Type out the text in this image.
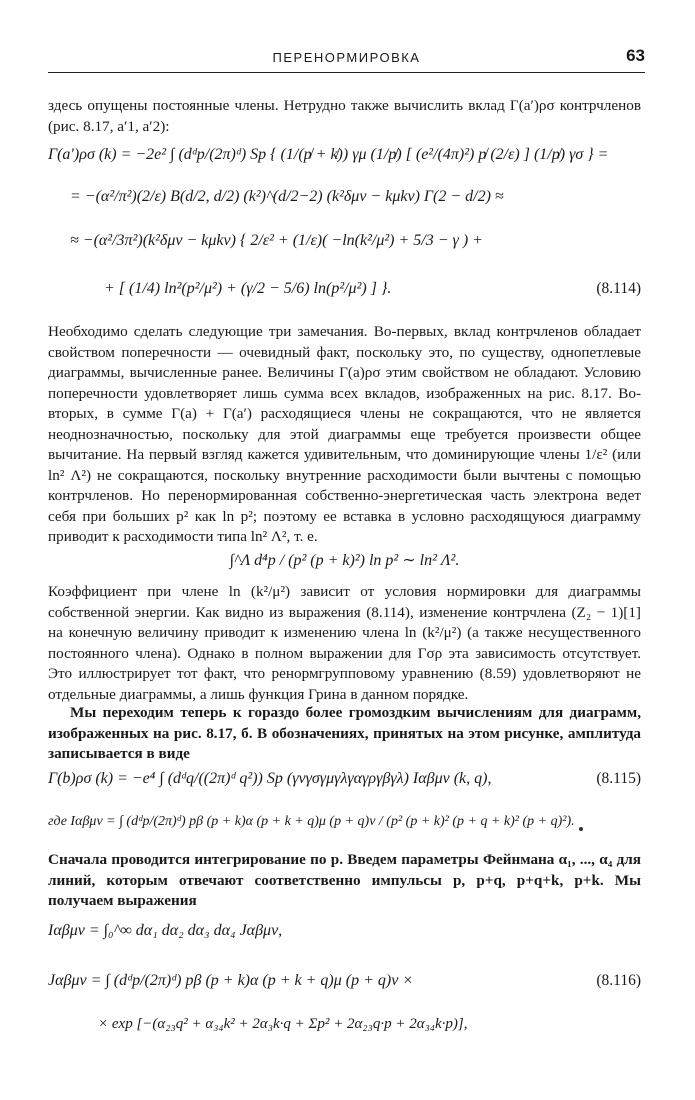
ПЕРЕНОРМИРОВКА	63

здесь опущены постоянные члены. Нетрудно также вычислить вклад Γ(a′)ρσ контрчленов (рис. 8.17, a′1, a′2):

Γ(a′)ρσ (k) = −2e² ∫ (dᵈp/(2π)ᵈ) Sp { (1/(p̸ + k̸)) γμ (1/p̸) [ (e²/(4π)²) p̸ (2/ε) ] (1/p̸) γσ } =
= −(α²/π²)(2/ε) B(d/2, d/2) (k²)^(d/2−2) (k²δμν − kμkν) Γ(2 − d/2) ≈
≈ −(α²/3π²)(k²δμν − kμkν) { 2/ε² + (1/ε)( −ln(k²/μ²) + 5/3 − γ ) +
+ [ (1/4) ln²(p²/μ²) + (γ/2 − 5/6) ln(p²/μ²) ] }.	(8.114)

Необходимо сделать следующие три замечания. Во-первых, вклад контрчленов обладает свойством поперечности — очевидный факт, поскольку это, по существу, однопетлевые диаграммы, вычисленные ранее. Величины Γ(a)ρσ этим свойством не обладают. Условию поперечности удовлетворяет лишь сумма всех вкладов, изображенных на рис. 8.17. Во-вторых, в сумме Γ(a) + Γ(a′) расходящиеся члены не сокращаются, что не является неоднозначностью, поскольку для этой диаграммы еще требуется произвести общее вычитание. На первый взгляд кажется удивительным, что доминирующие члены 1/ε² (или ln² Λ²) не сокращаются, поскольку внутренние расходимости были вычтены с помощью контрчленов. Но перенормированная собственно-энергетическая часть электрона ведет себя при больших p² как ln p²; поэтому ее вставка в условно расходящуюся диаграмму приводит к расходимости типа ln² Λ², т. е.

∫^Λ d⁴p / (p² (p + k)²) ln p² ∼ ln² Λ².

Коэффициент при члене ln (k²/μ²) зависит от условия нормировки для диаграммы собственной энергии. Как видно из выражения (8.114), изменение контрчлена (Z₂ − 1)[1] на конечную величину приводит к изменению члена ln (k²/μ²) (а также несущественного постоянного члена). Однако в полном выражении для Γσρ эта зависимость отсутствует. Это иллюстрирует тот факт, что ренормгрупповому уравнению (8.59) удовлетворяют не отдельные диаграммы, а лишь функция Грина в данном порядке.

Мы переходим теперь к гораздо более громоздким вычислениям для диаграмм, изображенных на рис. 8.17, б. В обозначениях, принятых на этом рисунке, амплитуда записывается в виде

Γ(b)ρσ (k) = −e⁴ ∫ (dᵈq/((2π)ᵈ q²)) Sp (γνγσγμγλγαγργβγλ) Iαβμν (k, q),	(8.115)
где Iαβμν = ∫ (dᵈp/(2π)ᵈ) pβ (p + k)α (p + k + q)μ (p + q)ν / (p² (p + k)² (p + q + k)² (p + q)²).

Сначала проводится интегрирование по p. Введем параметры Фейнмана α₁, ..., α₄ для линий, которым отвечают соответственно импульсы p, p+q, p+q+k, p+k. Мы получаем выражения

Iαβμν = ∫₀^∞ dα₁ dα₂ dα₃ dα₄ Jαβμν,
Jαβμν = ∫ (dᵈp/(2π)ᵈ) pβ (p + k)α (p + k + q)μ (p + q)ν ×	(8.116)
× exp [−(α₂₃q² + α₃₄k² + 2α₃k·q + Σp² + 2α₂₃q·p + 2α₃₄k·p)],
